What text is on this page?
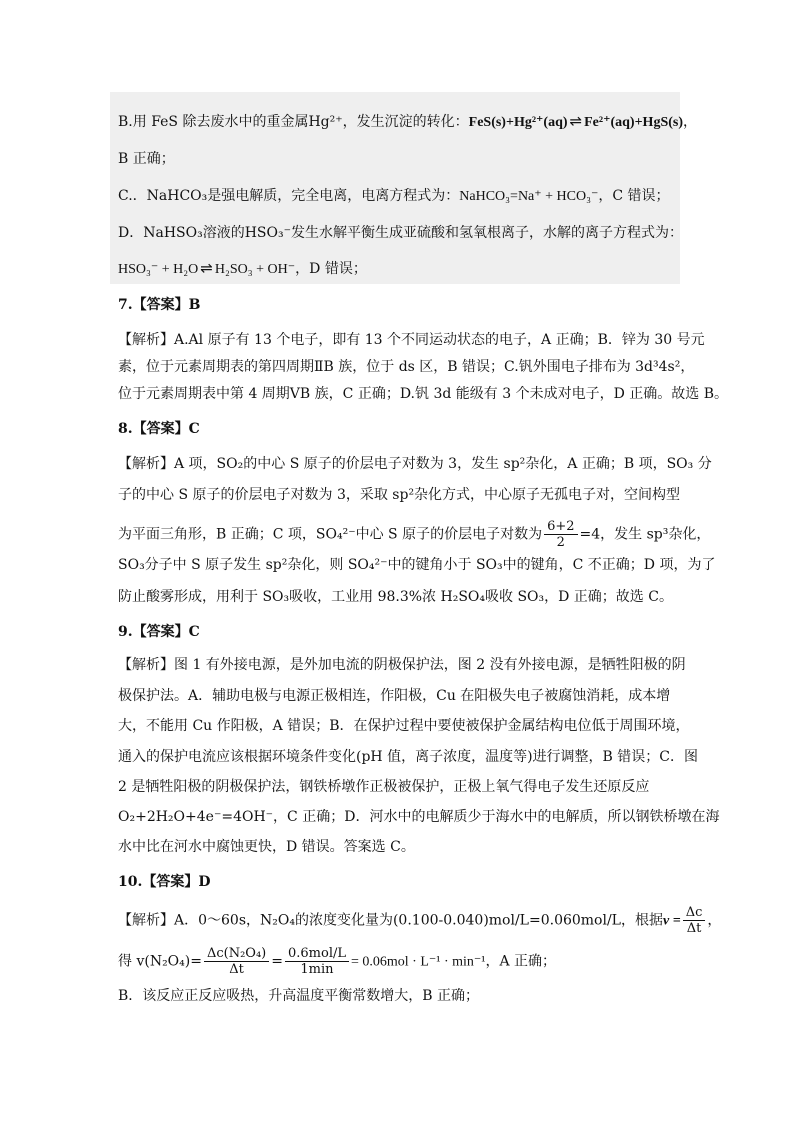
B.用 FeS 除去废水中的重金属Hg²⁺，发生沉淀的转化：FeS(s)+Hg²⁺(aq) ⇌ Fe²⁺(aq)+HgS(s)，
B 正确；
C.．NaHCO₃是强电解质，完全电离，电离方程式为：NaHCO₃=Na⁺ + HCO₃⁻，C 错误；
D．NaHSO₃溶液的HSO₃⁻发生水解平衡生成亚硫酸和氢氧根离子，水解的离子方程式为：
HSO₃⁻ + H₂O ⇌ H₂SO₃ + OH⁻，D 错误；
7.【答案】B
【解析】A.Al 原子有 13 个电子，即有 13 个不同运动状态的电子，A 正确；B．锌为 30 号元
素，位于元素周期表的第四周期ⅡB 族，位于 ds 区，B 错误；C.钒外围电子排布为 3d³4s²，
位于元素周期表中第 4 周期ⅤB 族，C 正确；D.钒 3d 能级有 3 个未成对电子，D 正确。故选 B。
8.【答案】C
【解析】A 项，SO₂的中心 S 原子的价层电子对数为 3，发生 sp²杂化，A 正确；B 项，SO₃ 分
子的中心 S 原子的价层电子对数为 3，采取 sp²杂化方式，中心原子无孤电子对，空间构型
为平面三角形，B 正确；C 项，SO₄²⁻中心 S 原子的价层电子对数为 $\frac{6+2}{2} =4$，发生 sp³杂化，
SO₃分子中 S 原子发生 sp²杂化，则 SO₄²⁻中的键角小于 SO₃中的键角，C 不正确；D 项，为了
防止酸雾形成，用利于 SO₃吸收，工业用 98.3%浓 H₂SO₄吸收 SO₃，D 正确；故选 C。
9.【答案】C
【解析】图 1 有外接电源，是外加电流的阴极保护法，图 2 没有外接电源，是牺牲阳极的阴
极保护法。A．辅助电极与电源正极相连，作阳极，Cu 在阳极失电子被腐蚀消耗，成本增
大，不能用 Cu 作阳极，A 错误；B．在保护过程中要使被保护金属结构电位低于周围环境，
通入的保护电流应该根据环境条件变化(pH 值，离子浓度，温度等)进行调整，B 错误；C．图
2 是牺牲阳极的阴极保护法，钢铁桥墩作正极被保护，正极上氧气得电子发生还原反应
O₂+2H₂O+4e⁻=4OH⁻，C 正确；D．河水中的电解质少于海水中的电解质，所以钢铁桥墩在海
水中比在河水中腐蚀更快，D 错误。答案选 C。
10.【答案】D
【解析】A．0～60s，N₂O₄的浓度变化量为(0.100-0.040)mol/L=0.060mol/L，根据$v = \frac{\Delta c}{\Delta t}$ ，
得 $v(N_2O_4)= \frac{\text{Δc(N₂O₄)}}{\Delta t} = \frac{\text{0.6mol/L}}{1\min} = 0.06mol \cdot L^{-1} \cdot \min^{-1}$，A 正确；
B．该反应正反应吸热，升高温度平衡常数增大，B 正确；
